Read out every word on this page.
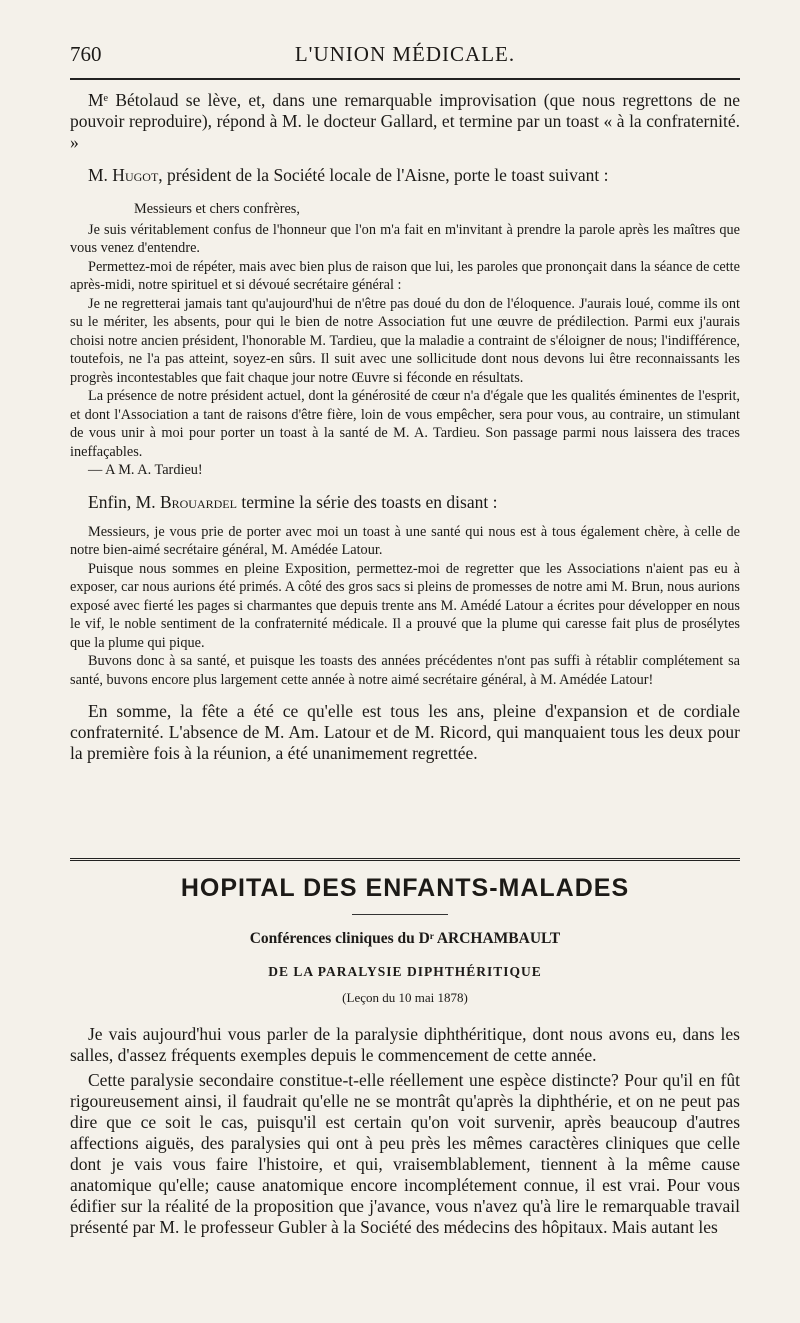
760	L'UNION MÉDICALE.

Mᵉ Bétolaud se lève, et, dans une remarquable improvisation (que nous regrettons de ne pouvoir reproduire), répond à M. le docteur Gallard, et termine par un toast « à la confraternité. »

M. Hugot, président de la Société locale de l'Aisne, porte le toast suivant :

Messieurs et chers confrères,

Je suis véritablement confus de l'honneur que l'on m'a fait en m'invitant à prendre la parole après les maîtres que vous venez d'entendre.

Permettez-moi de répéter, mais avec bien plus de raison que lui, les paroles que prononçait dans la séance de cette après-midi, notre spirituel et si dévoué secrétaire général :

Je ne regretterai jamais tant qu'aujourd'hui de n'être pas doué du don de l'éloquence. J'aurais loué, comme ils ont su le mériter, les absents, pour qui le bien de notre Association fut une œuvre de prédilection. Parmi eux j'aurais choisi notre ancien président, l'honorable M. Tardieu, que la maladie a contraint de s'éloigner de nous; l'indifférence, toutefois, ne l'a pas atteint, soyez-en sûrs. Il suit avec une sollicitude dont nous devons lui être reconnaissants les progrès incontestables que fait chaque jour notre Œuvre si féconde en résultats.

La présence de notre président actuel, dont la générosité de cœur n'a d'égale que les qualités éminentes de l'esprit, et dont l'Association a tant de raisons d'être fière, loin de vous empêcher, sera pour vous, au contraire, un stimulant de vous unir à moi pour porter un toast à la santé de M. A. Tardieu. Son passage parmi nous laissera des traces ineffaçables.

— A M. A. Tardieu!

Enfin, M. Brouardel termine la série des toasts en disant :

Messieurs, je vous prie de porter avec moi un toast à une santé qui nous est à tous également chère, à celle de notre bien-aimé secrétaire général, M. Amédée Latour.

Puisque nous sommes en pleine Exposition, permettez-moi de regretter que les Associations n'aient pas eu à exposer, car nous aurions été primés. A côté des gros sacs si pleins de promesses de notre ami M. Brun, nous aurions exposé avec fierté les pages si charmantes que depuis trente ans M. Amédé Latour a écrites pour développer en nous le vif, le noble sentiment de la confraternité médicale. Il a prouvé que la plume qui caresse fait plus de prosélytes que la plume qui pique.

Buvons donc à sa santé, et puisque les toasts des années précédentes n'ont pas suffi à rétablir complétement sa santé, buvons encore plus largement cette année à notre aimé secrétaire général, à M. Amédée Latour!

En somme, la fête a été ce qu'elle est tous les ans, pleine d'expansion et de cordiale confraternité. L'absence de M. Am. Latour et de M. Ricord, qui manquaient tous les deux pour la première fois à la réunion, a été unanimement regrettée.

HOPITAL DES ENFANTS-MALADES
Conférences cliniques du Dʳ ARCHAMBAULT
DE LA PARALYSIE DIPHTHÉRITIQUE
(Leçon du 10 mai 1878)

Je vais aujourd'hui vous parler de la paralysie diphthéritique, dont nous avons eu, dans les salles, d'assez fréquents exemples depuis le commencement de cette année.

Cette paralysie secondaire constitue-t-elle réellement une espèce distincte? Pour qu'il en fût rigoureusement ainsi, il faudrait qu'elle ne se montrât qu'après la diphthérie, et on ne peut pas dire que ce soit le cas, puisqu'il est certain qu'on voit survenir, après beaucoup d'autres affections aiguës, des paralysies qui ont à peu près les mêmes caractères cliniques que celle dont je vais vous faire l'histoire, et qui, vraisemblablement, tiennent à la même cause anatomique qu'elle; cause anatomique encore incomplétement connue, il est vrai. Pour vous édifier sur la réalité de la proposition que j'avance, vous n'avez qu'à lire le remarquable travail présenté par M. le professeur Gubler à la Société des médecins des hôpitaux. Mais autant les
